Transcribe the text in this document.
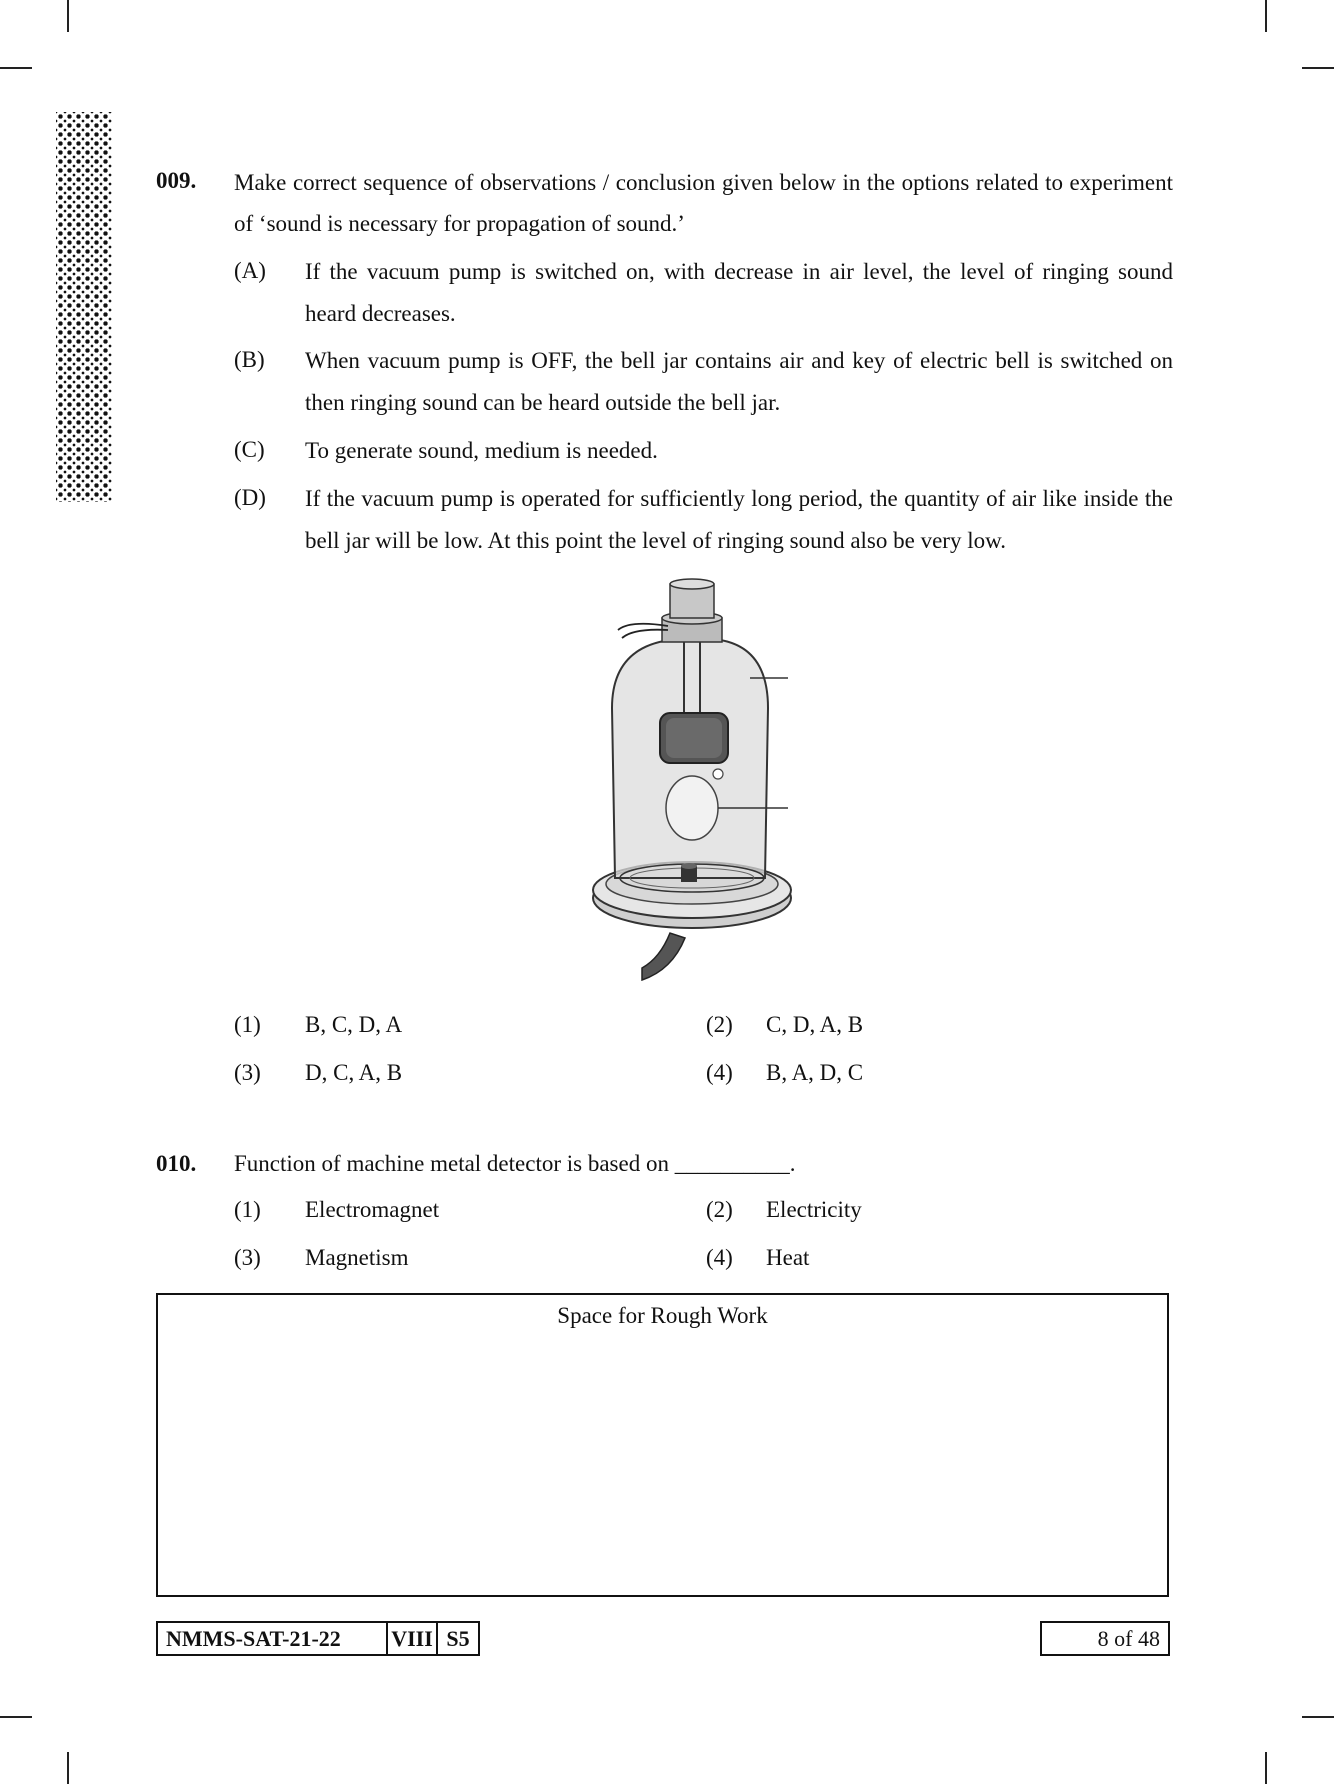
009. Make correct sequence of observations / conclusion given below in the options related to experiment of ‘sound is necessary for propagation of sound.’
(A) If the vacuum pump is switched on, with decrease in air level, the level of ringing sound heard decreases.
(B) When vacuum pump is OFF, the bell jar contains air and key of electric bell is switched on then ringing sound can be heard outside the bell jar.
(C) To generate sound, medium is needed.
(D) If the vacuum pump is operated for sufficiently long period, the quantity of air like inside the bell jar will be low. At this point the level of ringing sound also be very low.
(1) B, C, D, A	(2) C, D, A, B
(3) D, C, A, B	(4) B, A, D, C
010. Function of machine metal detector is based on __________.
(1) Electromagnet	(2) Electricity
(3) Magnetism	(4) Heat
Space for Rough Work
NMMS-SAT-21-22	VIII S5	8 of 48
